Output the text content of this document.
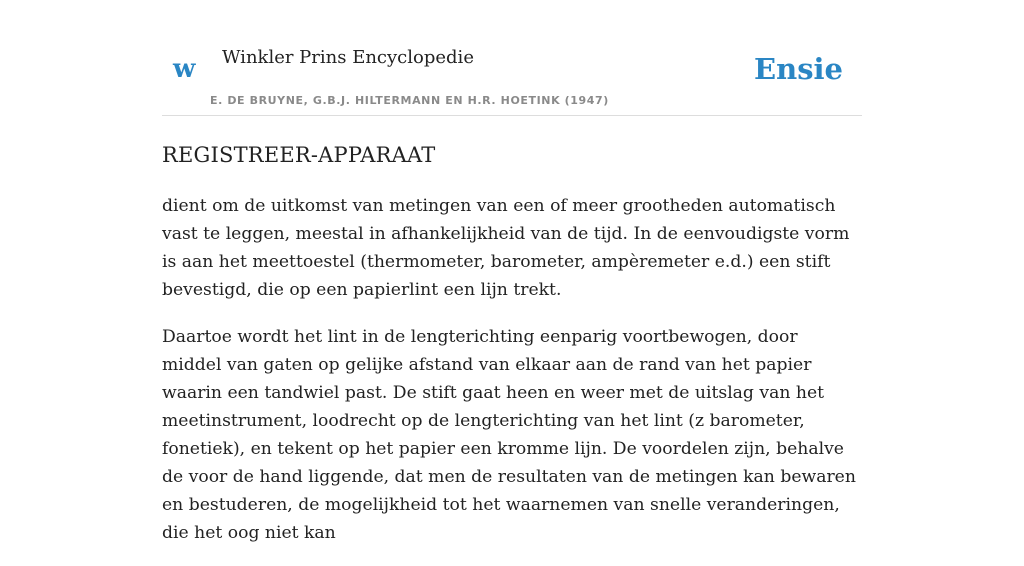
w Winkler Prins Encyclopedie
E. DE BRUYNE, G.B.J. HILTERMANN EN H.R. HOETINK (1947)
Ensie
REGISTREER-APPARAAT

dient om de uitkomst van metingen van een of meer grootheden automatisch vast te leggen, meestal in afhankelijkheid van de tijd. In de eenvoudigste vorm is aan het meettoestel (thermometer, barometer, ampèremeter e.d.) een stift bevestigd, die op een papierlint een lijn trekt.

Daartoe wordt het lint in de lengterichting eenparig voortbewogen, door middel van gaten op gelijke afstand van elkaar aan de rand van het papier waarin een tandwiel past. De stift gaat heen en weer met de uitslag van het meetinstrument, loodrecht op de lengterichting van het lint (z barometer, fonetiek), en tekent op het papier een kromme lijn. De voordelen zijn, behalve de voor de hand liggende, dat men de resultaten van de metingen kan bewaren en bestuderen, de mogelijkheid tot het waarnemen van snelle veranderingen, die het oog niet kan
